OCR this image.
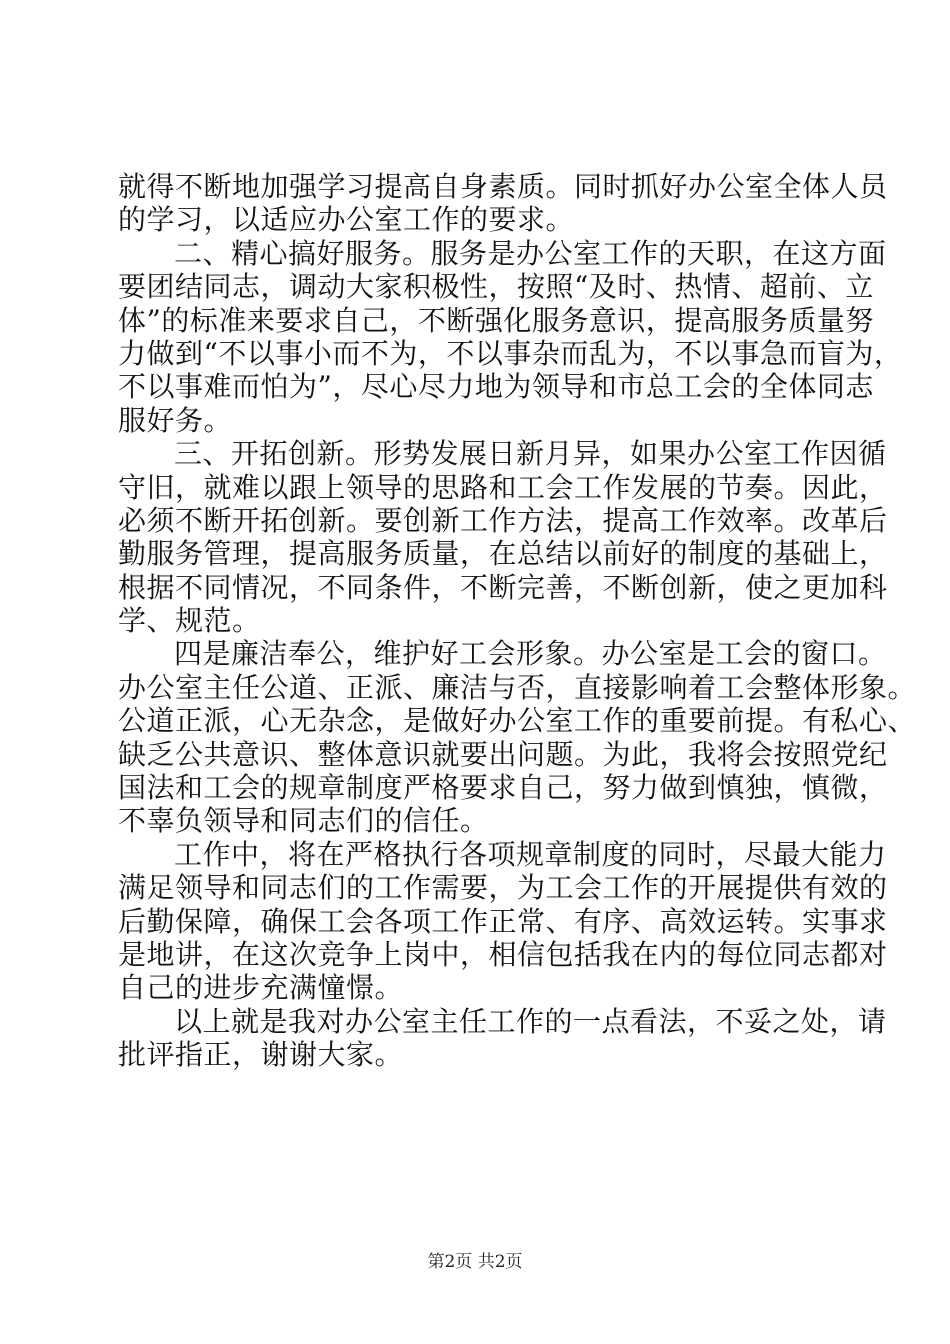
就得不断地加强学习提高自身素质。同时抓好办公室全体人员
的学习，以适应办公室工作的要求。
二、精心搞好服务。服务是办公室工作的天职，在这方面
要团结同志，调动大家积极性，按照“及时、热情、超前、立
体”的标准来要求自己，不断强化服务意识，提高服务质量努
力做到“不以事小而不为，不以事杂而乱为，不以事急而盲为，
不以事难而怕为”，尽心尽力地为领导和市总工会的全体同志
服好务。
三、开拓创新。形势发展日新月异，如果办公室工作因循
守旧，就难以跟上领导的思路和工会工作发展的节奏。因此，
必须不断开拓创新。要创新工作方法，提高工作效率。改革后
勤服务管理，提高服务质量，在总结以前好的制度的基础上，
根据不同情况，不同条件，不断完善，不断创新，使之更加科
学、规范。
四是廉洁奉公，维护好工会形象。办公室是工会的窗口。
办公室主任公道、正派、廉洁与否，直接影响着工会整体形象。
公道正派，心无杂念，是做好办公室工作的重要前提。有私心、
缺乏公共意识、整体意识就要出问题。为此，我将会按照党纪
国法和工会的规章制度严格要求自己，努力做到慎独，慎微，
不辜负领导和同志们的信任。
工作中，将在严格执行各项规章制度的同时，尽最大能力
满足领导和同志们的工作需要，为工会工作的开展提供有效的
后勤保障，确保工会各项工作正常、有序、高效运转。实事求
是地讲，在这次竞争上岗中，相信包括我在内的每位同志都对
自己的进步充满憧憬。
以上就是我对办公室主任工作的一点看法，不妥之处，请
批评指正，谢谢大家。
第2页 共2页
